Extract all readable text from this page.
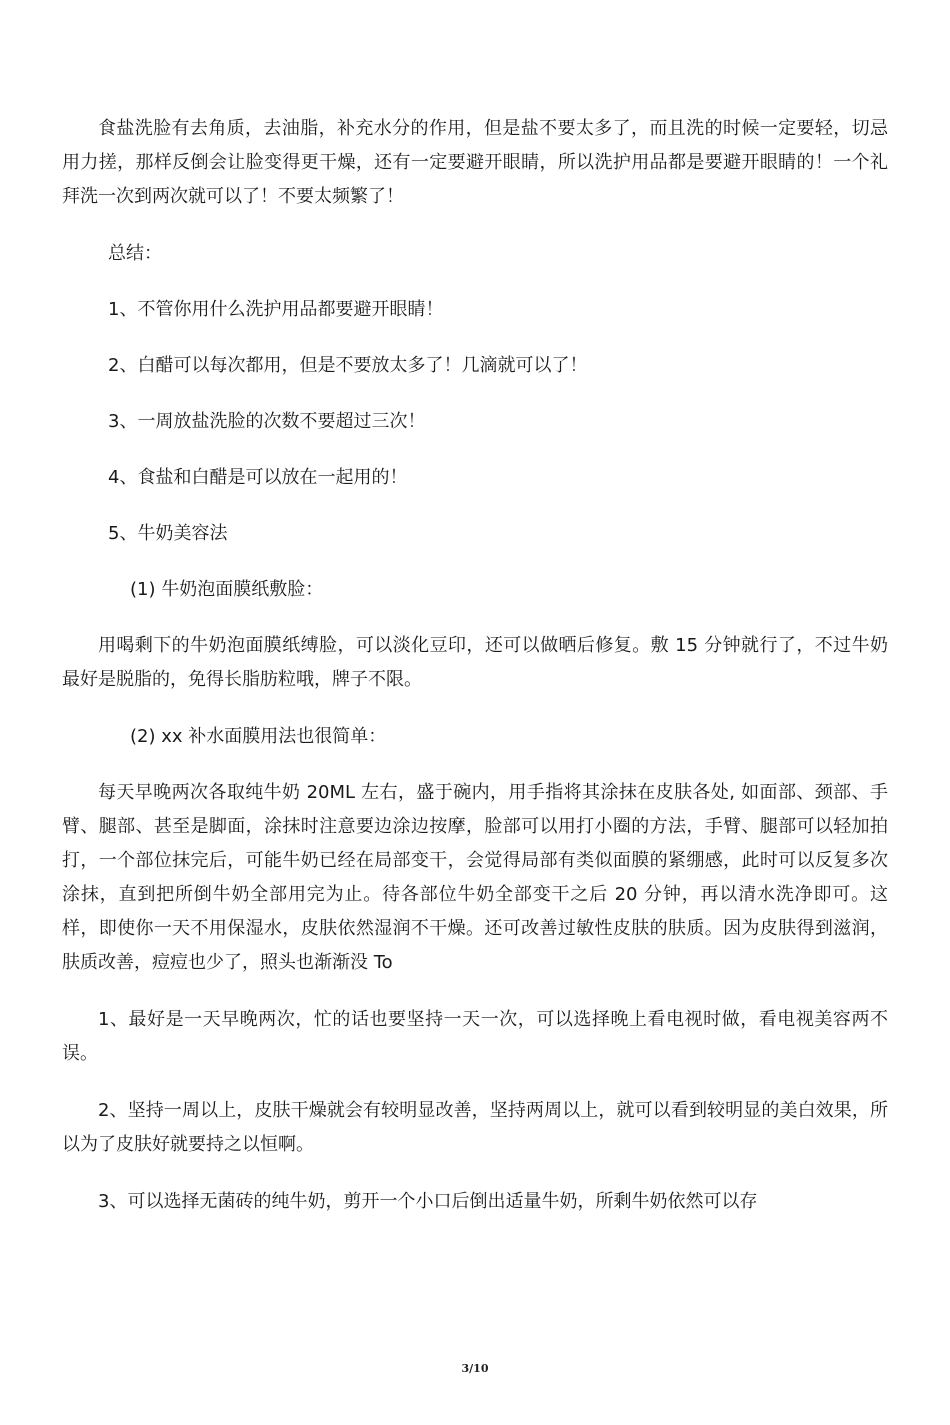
食盐洗脸有去角质，去油脂，补充水分的作用，但是盐不要太多了，而且洗的时候一定要轻，切忌用力搓，那样反倒会让脸变得更干燥，还有一定要避开眼睛，所以洗护用品都是要避开眼睛的！一个礼拜洗一次到两次就可以了！不要太频繁了！

总结：

1、不管你用什么洗护用品都要避开眼睛！

2、白醋可以每次都用，但是不要放太多了！几滴就可以了！

3、一周放盐洗脸的次数不要超过三次！

4、食盐和白醋是可以放在一起用的！

5、牛奶美容法

(1) 牛奶泡面膜纸敷脸：

用喝剩下的牛奶泡面膜纸缚脸，可以淡化豆印，还可以做晒后修复。敷 15 分钟就行了，不过牛奶最好是脱脂的，免得长脂肪粒哦，牌子不限。

(2) xx 补水面膜用法也很简单：

每天早晚两次各取纯牛奶 20ML 左右，盛于碗内，用手指将其涂抹在皮肤各处, 如面部、颈部、手臂、腿部、甚至是脚面，涂抹时注意要边涂边按摩，脸部可以用打小圈的方法，手臂、腿部可以轻加拍打，一个部位抹完后，可能牛奶已经在局部变干，会觉得局部有类似面膜的紧绷感，此时可以反复多次涂抹，直到把所倒牛奶全部用完为止。待各部位牛奶全部变干之后 20 分钟，再以清水洗净即可。这样，即使你一天不用保湿水，皮肤依然湿润不干燥。还可改善过敏性皮肤的肤质。因为皮肤得到滋润，肤质改善，痘痘也少了，照头也渐渐没 To

1、最好是一天早晚两次，忙的话也要坚持一天一次，可以选择晚上看电视时做，看电视美容两不误。

2、坚持一周以上，皮肤干燥就会有较明显改善，坚持两周以上，就可以看到较明显的美白效果，所以为了皮肤好就要持之以恒啊。

3、可以选择无菌砖的纯牛奶，剪开一个小口后倒出适量牛奶，所剩牛奶依然可以存

3/10
